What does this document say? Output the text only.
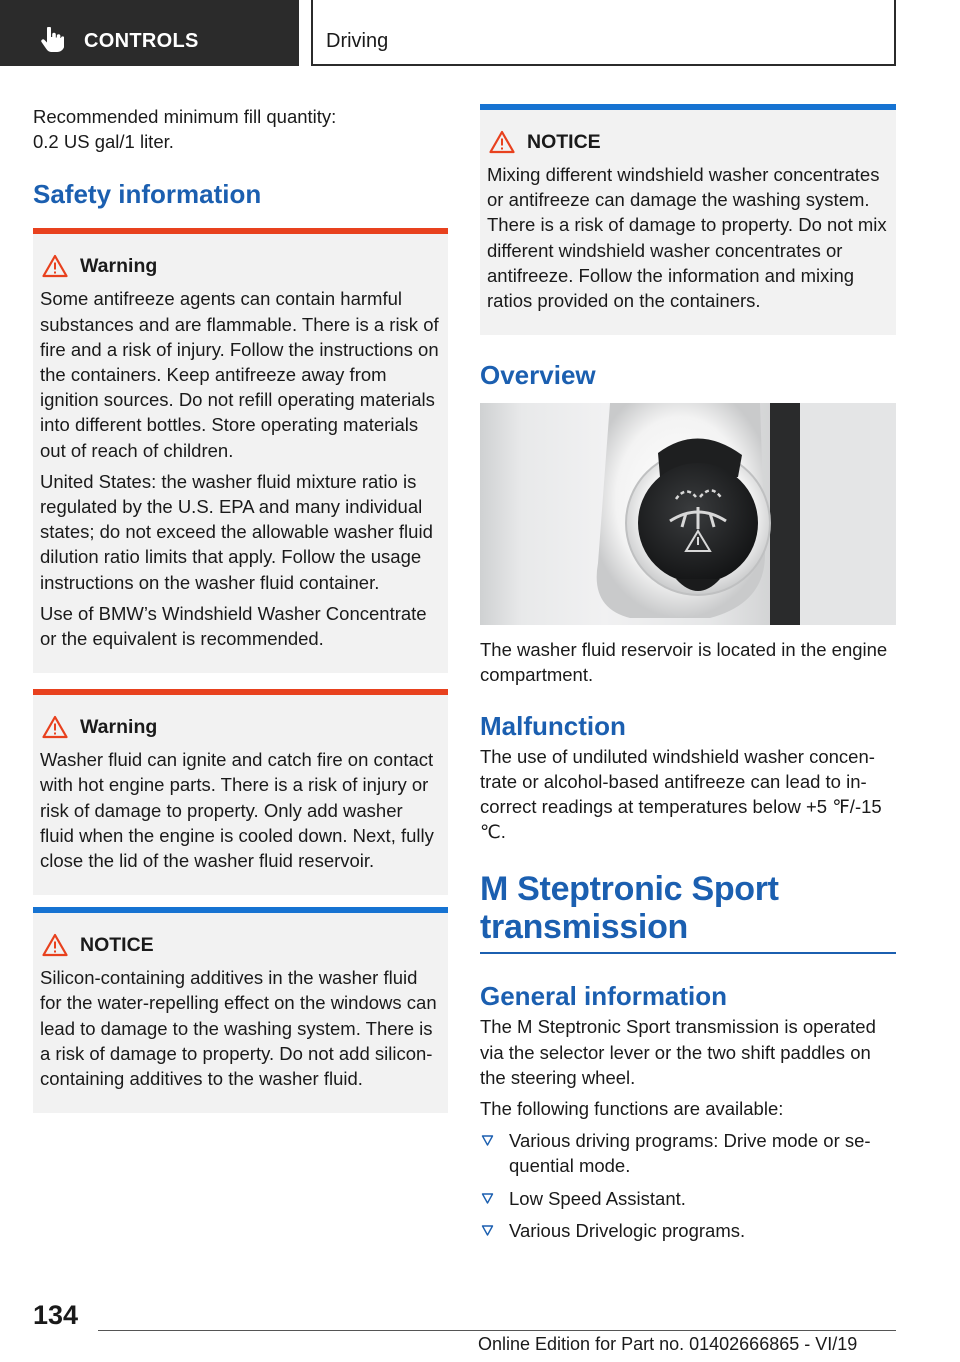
CONTROLS	Driving
Recommended minimum fill quantity:
0.2 US gal/1 liter.
Safety information
Warning

Some antifreeze agents can contain harmful substances and are flammable. There is a risk of fire and a risk of injury. Follow the instructions on the containers. Keep antifreeze away from ignition sources. Do not refill operating materials into different bottles. Store operating materials out of reach of children.

United States: the washer fluid mixture ratio is regulated by the U.S. EPA and many individual states; do not exceed the allowable washer fluid dilution ratio limits that apply. Follow the usage instructions on the washer fluid container.

Use of BMW’s Windshield Washer Concentrate or the equivalent is recommended.

Warning

Washer fluid can ignite and catch fire on contact with hot engine parts. There is a risk of injury or risk of damage to property. Only add washer fluid when the engine is cooled down. Next, fully close the lid of the washer fluid reservoir.

NOTICE

Silicon-containing additives in the washer fluid for the water-repelling effect on the windows can lead to damage to the washing system. There is a risk of damage to property. Do not add silicon-containing additives to the washer fluid.

NOTICE

Mixing different windshield washer concentrates or antifreeze can damage the washing system. There is a risk of damage to property. Do not mix different windshield washer concentrates or antifreeze. Follow the information and mixing ratios provided on the containers.

Overview
The washer fluid reservoir is located in the engine compartment.
Malfunction
The use of undiluted windshield washer concentrate or alcohol-based antifreeze can lead to incorrect readings at temperatures below +5 ℉/-15 ℃.
M Steptronic Sport transmission
General information
The M Steptronic Sport transmission is operated via the selector lever or the two shift paddles on the steering wheel.
The following functions are available:
Various driving programs: Drive mode or sequential mode.
Low Speed Assistant.
Various Drivelogic programs.
134
Online Edition for Part no. 01402666865 - VI/19
